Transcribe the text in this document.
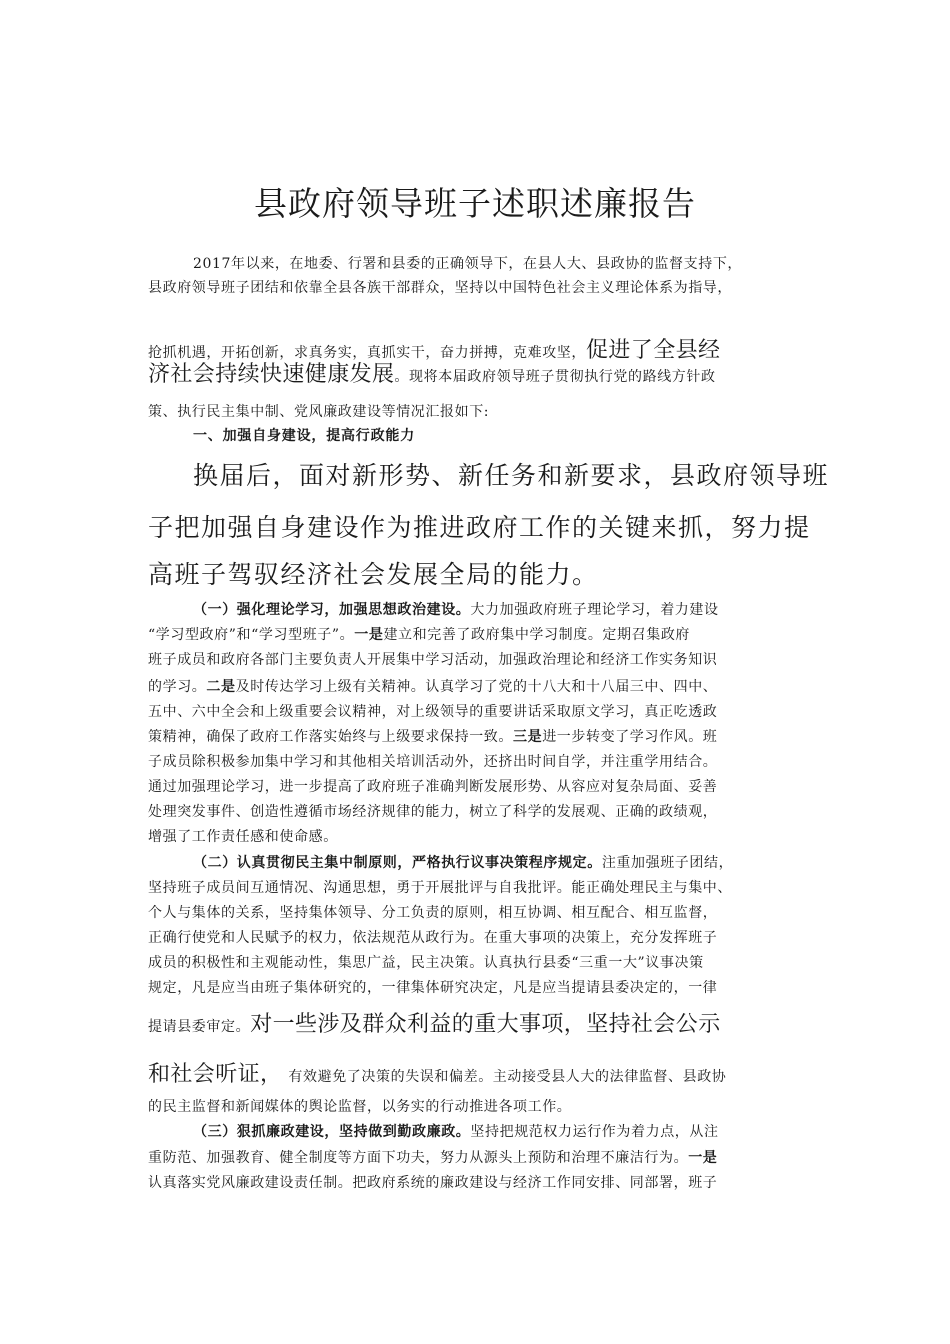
县政府领导班子述职述廉报告
2017年以来，在地委、行署和县委的正确领导下，在县人大、县政协的监督支持下，
县政府领导班子团结和依靠全县各族干部群众，坚持以中国特色社会主义理论体系为指导，
抢抓机遇，开拓创新，求真务实，真抓实干，奋力拼搏，克难攻坚，促进了全县经
济社会持续快速健康发展。现将本届政府领导班子贯彻执行党的路线方针政
策、执行民主集中制、党风廉政建设等情况汇报如下:
一、加强自身建设，提高行政能力
换届后，面对新形势、新任务和新要求，县政府领导班
子把加强自身建设作为推进政府工作的关键来抓，努力提
高班子驾驭经济社会发展全局的能力。
（一）强化理论学习，加强思想政治建设。大力加强政府班子理论学习，着力建设
“学习型政府”和“学习型班子”。一是建立和完善了政府集中学习制度。定期召集政府
班子成员和政府各部门主要负责人开展集中学习活动，加强政治理论和经济工作实务知识
的学习。二是及时传达学习上级有关精神。认真学习了党的十八大和十八届三中、四中、
五中、六中全会和上级重要会议精神，对上级领导的重要讲话采取原文学习，真正吃透政
策精神，确保了政府工作落实始终与上级要求保持一致。三是进一步转变了学习作风。班
子成员除积极参加集中学习和其他相关培训活动外，还挤出时间自学，并注重学用结合。
通过加强理论学习，进一步提高了政府班子准确判断发展形势、从容应对复杂局面、妥善
处理突发事件、创造性遵循市场经济规律的能力，树立了科学的发展观、正确的政绩观，
增强了工作责任感和使命感。
（二）认真贯彻民主集中制原则，严格执行议事决策程序规定。注重加强班子团结，
坚持班子成员间互通情况、沟通思想，勇于开展批评与自我批评。能正确处理民主与集中、
个人与集体的关系，坚持集体领导、分工负责的原则，相互协调、相互配合、相互监督，
正确行使党和人民赋予的权力，依法规范从政行为。在重大事项的决策上，充分发挥班子
成员的积极性和主观能动性，集思广益，民主决策。认真执行县委“三重一大”议事决策
规定，凡是应当由班子集体研究的，一律集体研究决定，凡是应当提请县委决定的，一律
提请县委审定。对一些涉及群众利益的重大事项，坚持社会公示
和社会听证， 有效避免了决策的失误和偏差。主动接受县人大的法律监督、县政协
的民主监督和新闻媒体的舆论监督，以务实的行动推进各项工作。
（三）狠抓廉政建设，坚持做到勤政廉政。坚持把规范权力运行作为着力点，从注
重防范、加强教育、健全制度等方面下功夫，努力从源头上预防和治理不廉洁行为。一是
认真落实党风廉政建设责任制。把政府系统的廉政建设与经济工作同安排、同部署，班子
